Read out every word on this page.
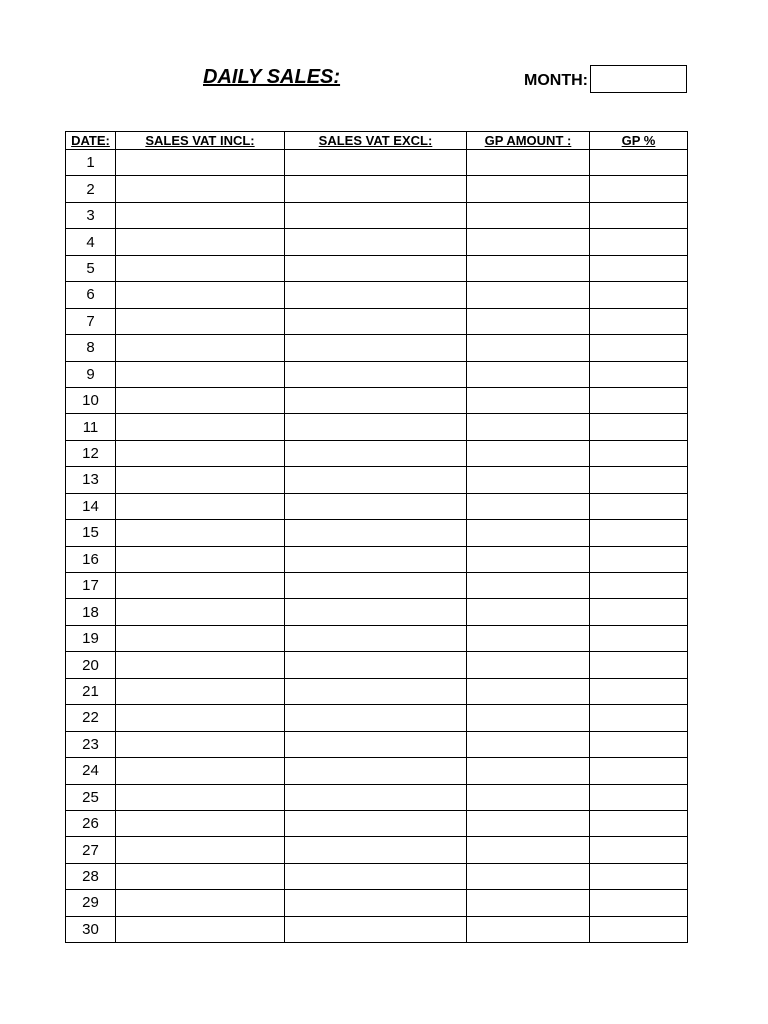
DAILY SALES:	MONTH:
DATE:	SALES VAT INCL:	SALES VAT EXCL:	GP AMOUNT :	GP %
1				
2				
3				
4				
5				
6				
7				
8				
9				
10				
11				
12				
13				
14				
15				
16				
17				
18				
19				
20				
21				
22				
23				
24				
25				
26				
27				
28				
29				
30				
